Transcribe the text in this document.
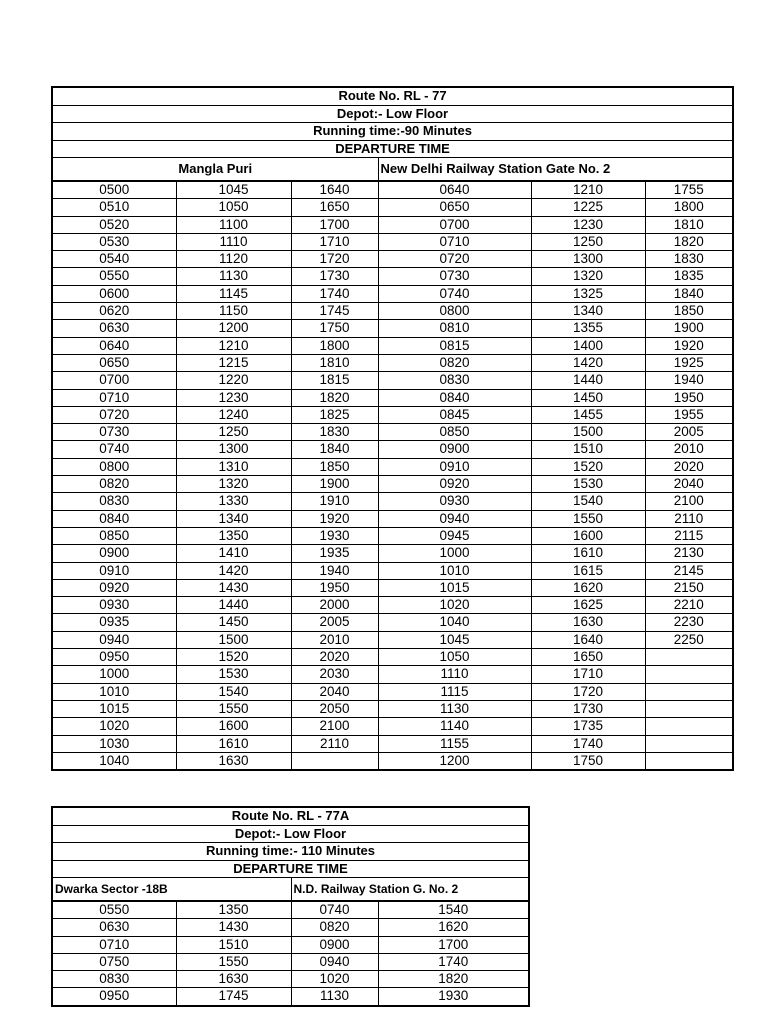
Route No. RL - 77					
Depot:- Low Floor					
Running time:-90 Minutes					
DEPARTURE TIME					
Mangla Puri			New Delhi Railway Station Gate No. 2		
0500	1045	1640	0640	1210	1755
0510	1050	1650	0650	1225	1800
0520	1100	1700	0700	1230	1810
0530	1110	1710	0710	1250	1820
0540	1120	1720	0720	1300	1830
0550	1130	1730	0730	1320	1835
0600	1145	1740	0740	1325	1840
0620	1150	1745	0800	1340	1850
0630	1200	1750	0810	1355	1900
0640	1210	1800	0815	1400	1920
0650	1215	1810	0820	1420	1925
0700	1220	1815	0830	1440	1940
0710	1230	1820	0840	1450	1950
0720	1240	1825	0845	1455	1955
0730	1250	1830	0850	1500	2005
0740	1300	1840	0900	1510	2010
0800	1310	1850	0910	1520	2020
0820	1320	1900	0920	1530	2040
0830	1330	1910	0930	1540	2100
0840	1340	1920	0940	1550	2110
0850	1350	1930	0945	1600	2115
0900	1410	1935	1000	1610	2130
0910	1420	1940	1010	1615	2145
0920	1430	1950	1015	1620	2150
0930	1440	2000	1020	1625	2210
0935	1450	2005	1040	1630	2230
0940	1500	2010	1045	1640	2250
0950	1520	2020	1050	1650	
1000	1530	2030	1110	1710	
1010	1540	2040	1115	1720	
1015	1550	2050	1130	1730	
1020	1600	2100	1140	1735	
1030	1610	2110	1155	1740	
1040	1630		1200	1750	
Route No. RL - 77A			
Depot:- Low Floor			
Running time:- 110 Minutes			
DEPARTURE TIME			
Dwarka Sector -18B		N.D. Railway Station G. No. 2	
0550	1350	0740	1540
0630	1430	0820	1620
0710	1510	0900	1700
0750	1550	0940	1740
0830	1630	1020	1820
0950	1745	1130	1930
